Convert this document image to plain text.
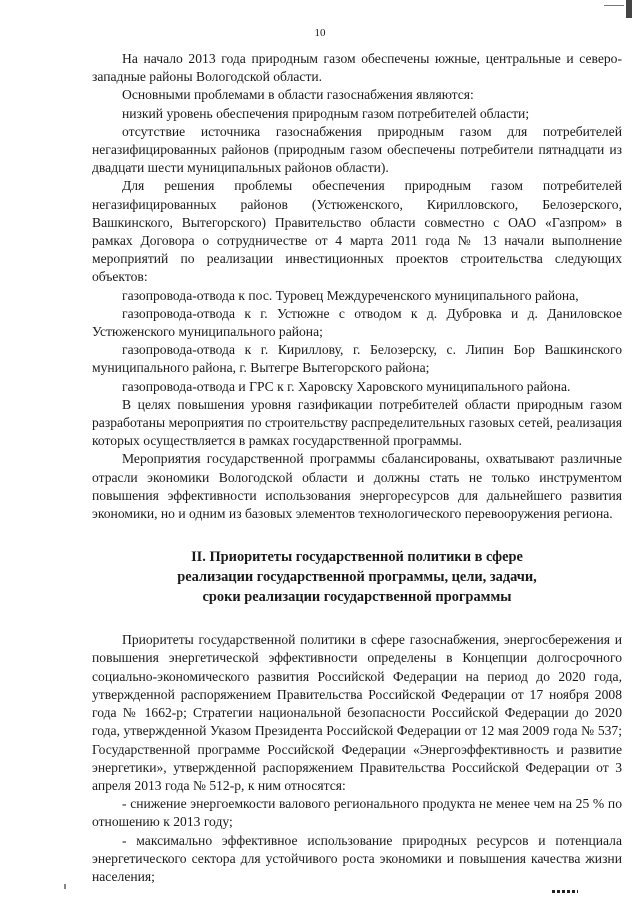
10

На начало 2013 года природным газом обеспечены южные, центральные и северо-западные районы Вологодской области.

Основными проблемами в области газоснабжения являются:

низкий уровень обеспечения природным газом потребителей области;

отсутствие источника газоснабжения природным газом для потребителей негазифицированных районов (природным газом обеспечены потребители пятнадцати из двадцати шести муниципальных районов области).

Для решения проблемы обеспечения природным газом потребителей негазифицированных районов (Устюженского, Кирилловского, Белозерского, Вашкинского, Вытегорского) Правительство области совместно с ОАО «Газпром» в рамках Договора о сотрудничестве от 4 марта 2011 года № 13 начали выполнение мероприятий по реализации инвестиционных проектов строительства следующих объектов:

газопровода-отвода к пос. Туровец Междуреченского муниципального района,

газопровода-отвода к г. Устюжне с отводом к д. Дубровка и д. Даниловское Устюженского муниципального района;

газопровода-отвода к г. Кириллову, г. Белозерску, с. Липин Бор Вашкинского муниципального района, г. Вытегре Вытегорского района;

газопровода-отвода и ГРС к г. Харовску Харовского муниципального района.

В целях повышения уровня газификации потребителей области природным газом разработаны мероприятия по строительству распределительных газовых сетей, реализация которых осуществляется в рамках государственной программы.

Мероприятия государственной программы сбалансированы, охватывают различные отрасли экономики Вологодской области и должны стать не только инструментом повышения эффективности использования энергоресурсов для дальнейшего развития экономики, но и одним из базовых элементов технологического перевооружения региона.

II. Приоритеты государственной политики в сфере
реализации государственной программы, цели, задачи,
сроки реализации государственной программы

Приоритеты государственной политики в сфере газоснабжения, энергосбережения и повышения энергетической эффективности определены в Концепции долгосрочного социально-экономического развития Российской Федерации на период до 2020 года, утвержденной распоряжением Правительства Российской Федерации от 17 ноября 2008 года № 1662-р; Стратегии национальной безопасности Российской Федерации до 2020 года, утвержденной Указом Президента Российской Федерации от 12 мая 2009 года № 537; Государственной программе Российской Федерации «Энергоэффективность и развитие энергетики», утвержденной распоряжением Правительства Российской Федерации от 3 апреля 2013 года № 512-р, к ним относятся:

- снижение энергоемкости валового регионального продукта не менее чем на 25 % по отношению к 2013 году;

- максимально эффективное использование природных ресурсов и потенциала энергетического сектора для устойчивого роста экономики и повышения качества жизни населения;
